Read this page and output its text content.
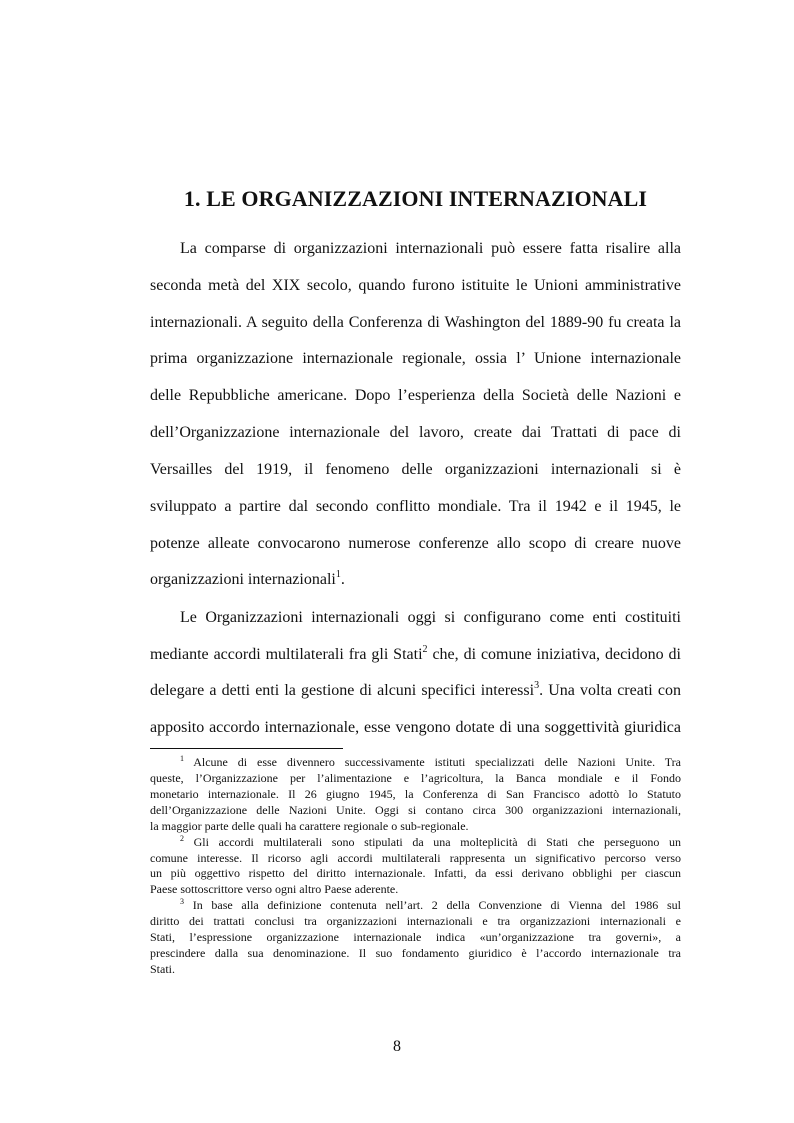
1. LE ORGANIZZAZIONI INTERNAZIONALI
La comparse di organizzazioni internazionali può essere fatta risalire alla
seconda metà del XIX secolo, quando furono istituite le Unioni amministrative
internazionali. A seguito della Conferenza di Washington del 1889-90 fu creata la
prima organizzazione internazionale regionale, ossia l’ Unione internazionale
delle Repubbliche americane. Dopo l’esperienza della Società delle Nazioni e
dell’Organizzazione internazionale del lavoro, create dai Trattati di pace di
Versailles del 1919, il fenomeno delle organizzazioni internazionali si è
sviluppato a partire dal secondo conflitto mondiale. Tra il 1942 e il 1945, le
potenze alleate convocarono numerose conferenze allo scopo di creare nuove
organizzazioni internazionali$^1$.
Le Organizzazioni internazionali oggi si configurano come enti costituiti
mediante accordi multilaterali fra gli Stati$^2$ che, di comune iniziativa, decidono di
delegare a detti enti la gestione di alcuni specifici interessi$^3$. Una volta creati con
apposito accordo internazionale, esse vengono dotate di una soggettività giuridica
$^1$ Alcune di esse divennero successivamente istituti specializzati delle Nazioni Unite. Tra
queste, l’Organizzazione per l’alimentazione e l’agricoltura, la Banca mondiale e il Fondo
monetario internazionale. Il 26 giugno 1945, la Conferenza di San Francisco adottò lo Statuto
dell’Organizzazione delle Nazioni Unite. Oggi si contano circa 300 organizzazioni internazionali,
la maggior parte delle quali ha carattere regionale o sub-regionale.
$^2$ Gli accordi multilaterali sono stipulati da una molteplicità di Stati che perseguono un
comune interesse. Il ricorso agli accordi multilaterali rappresenta un significativo percorso verso
un più oggettivo rispetto del diritto internazionale. Infatti, da essi derivano obblighi per ciascun
Paese sottoscrittore verso ogni altro Paese aderente.
$^3$ In base alla definizione contenuta nell’art. 2 della Convenzione di Vienna del 1986 sul
diritto dei trattati conclusi tra organizzazioni internazionali e tra organizzazioni internazionali e
Stati, l’espressione organizzazione internazionale indica «un’organizzazione tra governi», a
prescindere dalla sua denominazione. Il suo fondamento giuridico è l’accordo internazionale tra
Stati.
8
